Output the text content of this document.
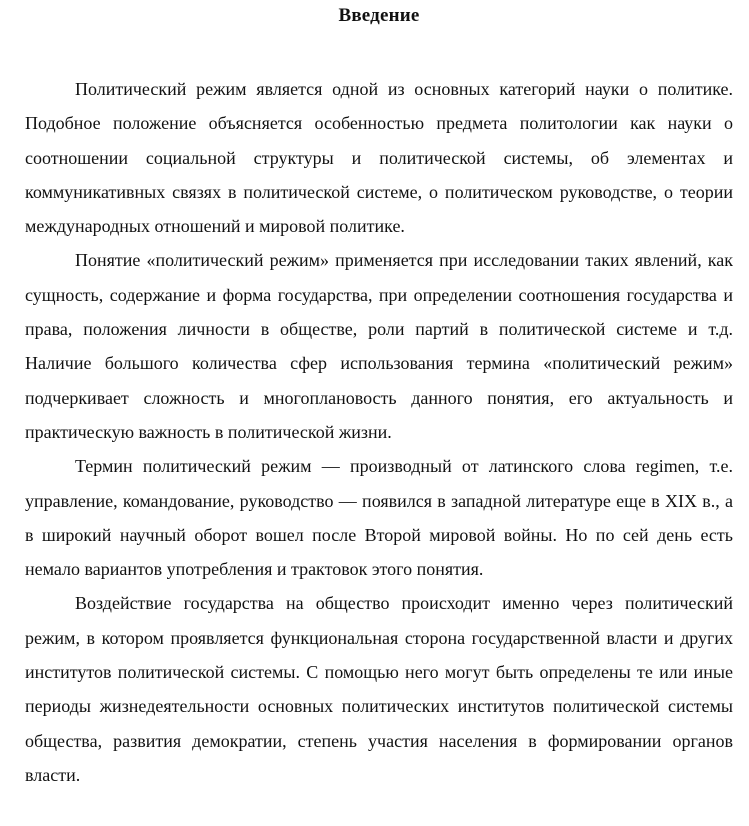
Введение

Политический режим является одной из основных категорий науки о политике. Подобное положение объясняется особенностью предмета политологии как науки о соотношении социальной структуры и политической системы, об элементах и коммуникативных связях в политической системе, о политическом руководстве, о теории международных отношений и мировой политике.

Понятие «политический режим» применяется при исследовании таких явлений, как сущность, содержание и форма государства, при определении соотношения государства и права, положения личности в обществе, роли партий в политической системе и т.д. Наличие большого количества сфер использования термина «политический режим» подчеркивает сложность и многоплановость данного понятия, его актуальность и практическую важность в политической жизни.

Термин политический режим — производный от латинского слова regimen, т.е. управление, командование, руководство — появился в западной литературе еще в XIX в., а в широкий научный оборот вошел после Второй мировой войны. Но по сей день есть немало вариантов употребления и трактовок этого понятия.

Воздействие государства на общество происходит именно через политический режим, в котором проявляется функциональная сторона государственной власти и других институтов политической системы. С помощью него могут быть определены те или иные периоды жизнедеятельности основных политических институтов политической системы общества, развития демократии, степень участия населения в формировании органов власти.
